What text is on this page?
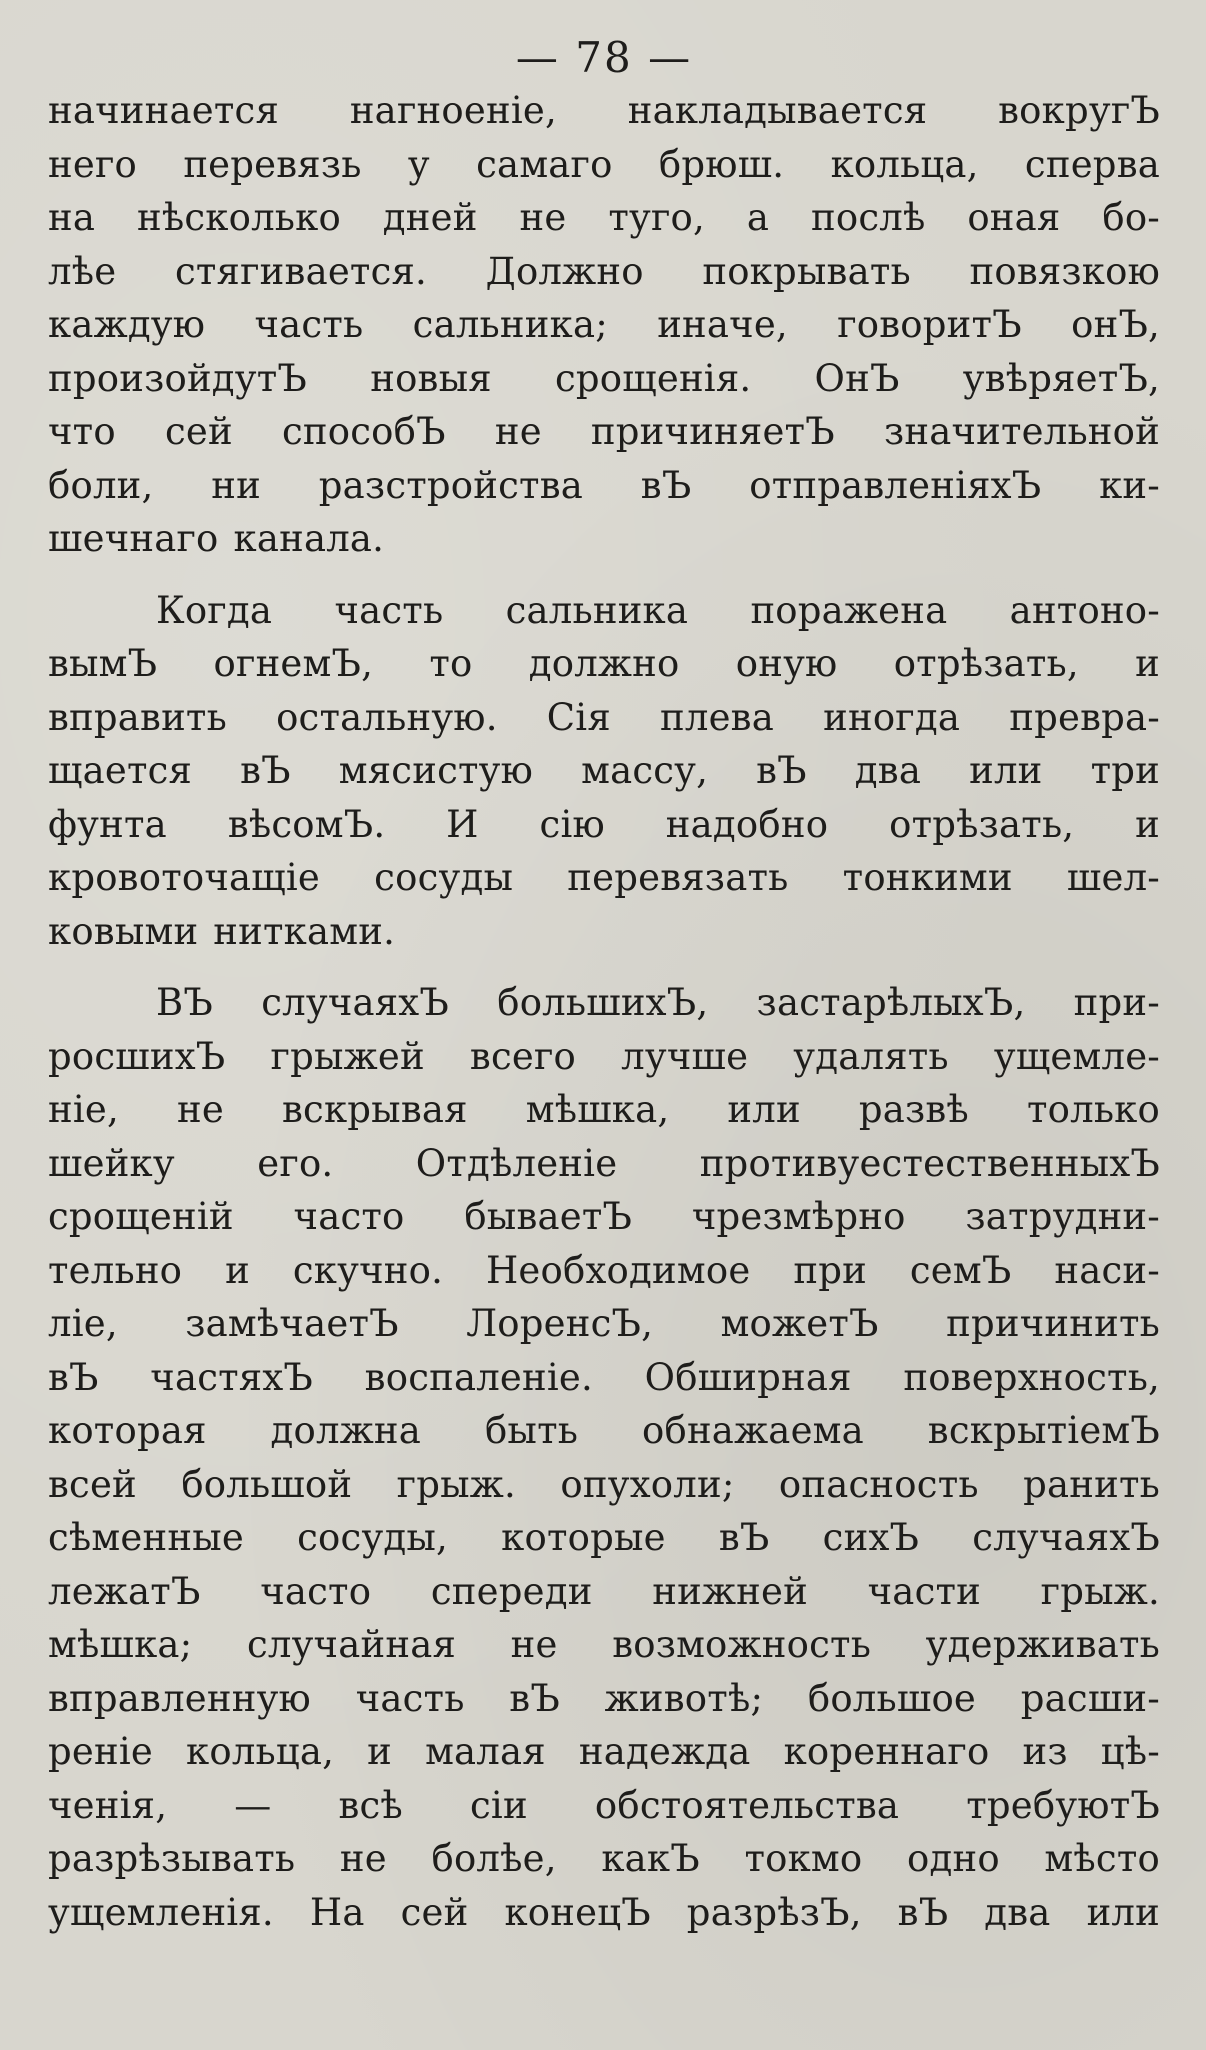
— 78 —
начинается нагноеніе, накладывается вокругЪ
него перевязь у самаго брюш. кольца, сперва
на нѣсколько дней не туго, а послѣ оная бо-
лѣе стягивается. Должно покрывать повязкою
каждую часть сальника; иначе, говоритЪ онЪ,
произойдутЪ новыя срощенія. ОнЪ увѣряетЪ,
что сей способЪ не причиняетЪ значительной
боли, ни разстройства вЪ отправленіяхЪ ки-
шечнаго канала.
Когда часть сальника поражена антоно-
вымЪ огнемЪ, то должно оную отрѣзать, и
вправить остальную. Сія плева иногда превра-
щается вЪ мясистую массу, вЪ два или три
фунта вѣсомЪ. И сію надобно отрѣзать, и
кровоточащіе сосуды перевязать тонкими шел-
ковыми нитками.
ВЪ случаяхЪ большихЪ, застарѣлыхЪ, при-
росшихЪ грыжей всего лучше удалять ущемле-
ніе, не вскрывая мѣшка, или развѣ только
шейку его. Отдѣленіе противуестественныхЪ
срощеній часто бываетЪ чрезмѣрно затрудни-
тельно и скучно. Необходимое при семЪ наси-
ліе, замѣчаетЪ ЛоренсЪ, можетЪ причинить
вЪ частяхЪ воспаленіе. Обширная поверхность,
которая должна быть обнажаема вскрытіемЪ
всей большой грыж. опухоли; опасность ранить
сѣменные сосуды, которые вЪ сихЪ случаяхЪ
лежатЪ часто спереди нижней части грыж.
мѣшка; случайная не возможность удерживать
вправленную часть вЪ животѣ; большое расши-
реніе кольца, и малая надежда кореннаго из цѣ-
ченія, — всѣ сіи обстоятельства требуютЪ
разрѣзывать не болѣе, какЪ токмо одно мѣсто
ущемленія. На сей конецЪ разрѣзЪ, вЪ два или
